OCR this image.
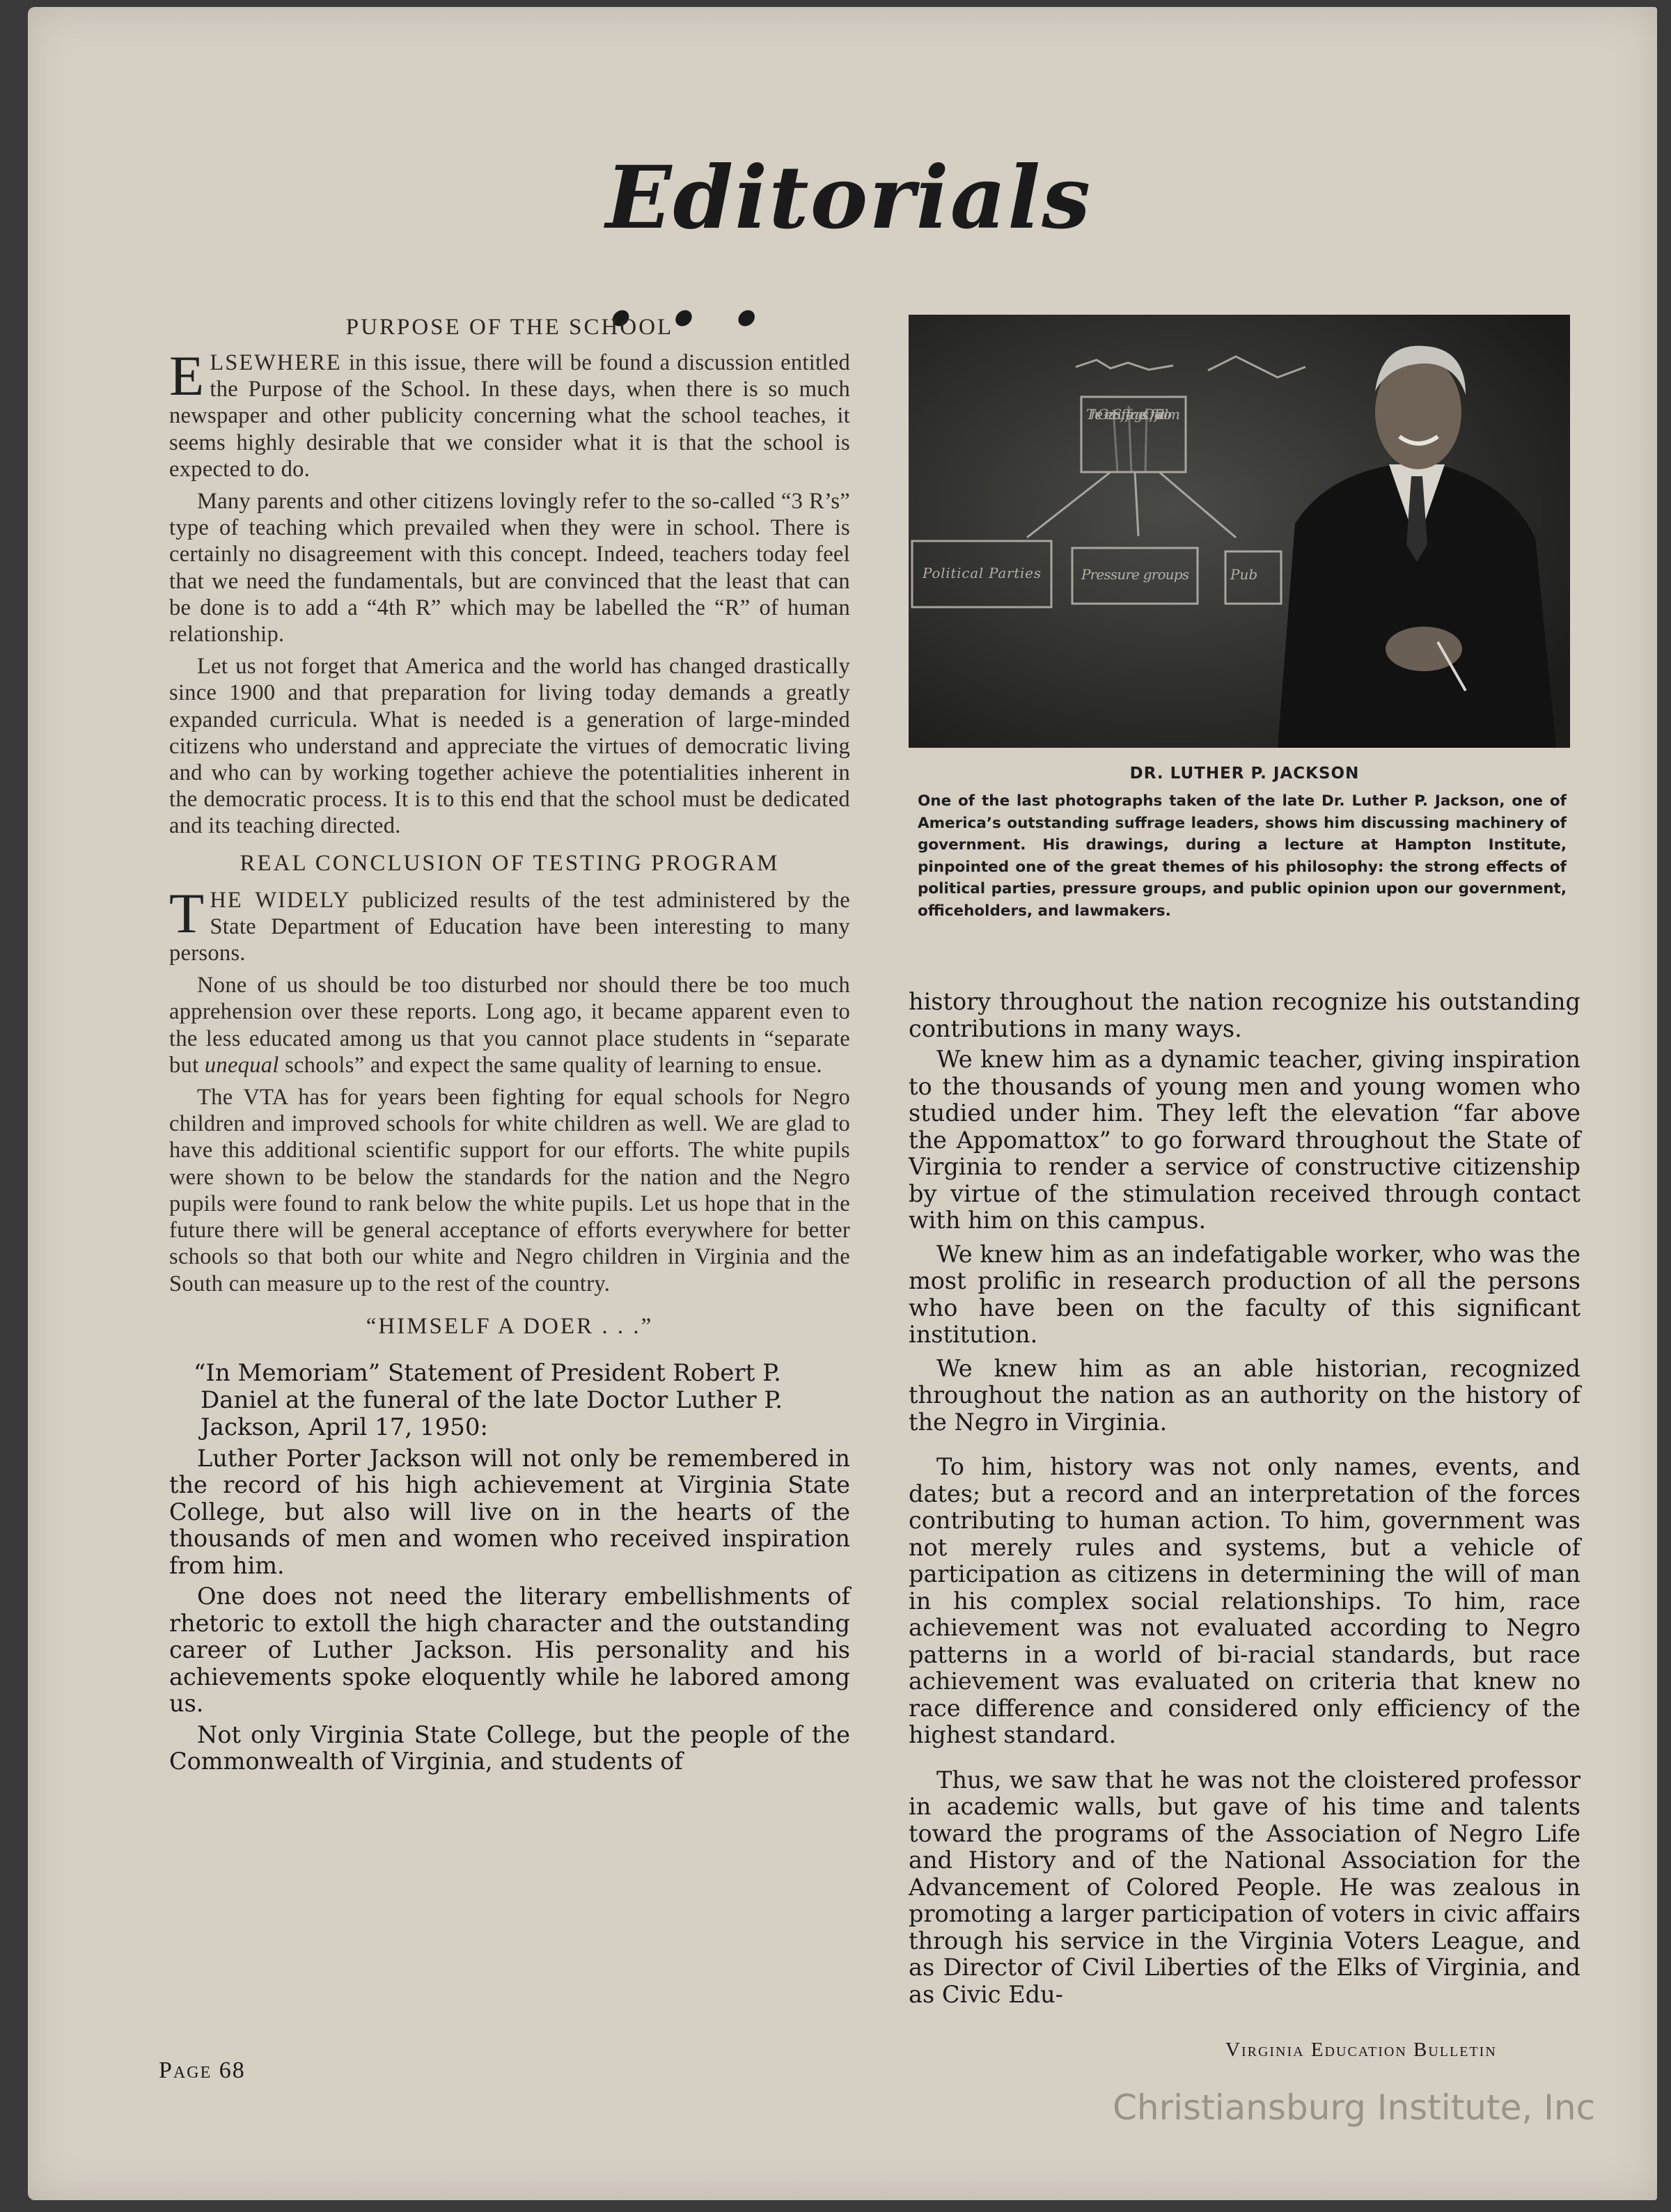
Editorials . . .
PURPOSE OF THE SCHOOL

ELSEWHERE in this issue, there will be found a discussion entitled the Purpose of the School. In these days, when there is so much newspaper and other publicity concerning what the school teaches, it seems highly desirable that we consider what it is that the school is expected to do.

Many parents and other citizens lovingly refer to the so-called “3 R’s” type of teaching which prevailed when they were in school. There is certainly no disagreement with this concept. Indeed, teachers today feel that we need the fundamentals, but are convinced that the least that can be done is to add a “4th R” which may be labelled the “R” of human relationship.

Let us not forget that America and the world has changed drastically since 1900 and that preparation for living today demands a greatly expanded curricula. What is needed is a generation of large-minded citizens who understand and appreciate the virtues of democratic living and who can by working together achieve the potentialities inherent in the democratic process. It is to this end that the school must be dedicated and its teaching directed.

REAL CONCLUSION OF TESTING PROGRAM

THE WIDELY publicized results of the test administered by the State Department of Education have been interesting to many persons.

None of us should be too disturbed nor should there be too much apprehension over these reports. Long ago, it became apparent even to the less educated among us that you cannot place students in “separate but unequal schools” and expect the same quality of learning to ensue.

The VTA has for years been fighting for equal schools for Negro children and improved schools for white children as well. We are glad to have this additional scientific support for our efforts. The white pupils were shown to be below the standards for the nation and the Negro pupils were found to rank below the white pupils. Let us hope that in the future there will be general acceptance of efforts everywhere for better schools so that both our white and Negro children in Virginia and the South can measure up to the rest of the country.

“HIMSELF A DOER . . .”

“In Memoriam” Statement of President Robert P. Daniel at the funeral of the late Doctor Luther P. Jackson, April 17, 1950:

Luther Porter Jackson will not only be remembered in the record of his high achievement at Virginia State College, but also will live on in the hearts of the thousands of men and women who received inspiration from him.

One does not need the literary embellishments of rhetoric to extoll the high character and the outstanding career of Luther Jackson. His personality and his achievements spoke eloquently while he labored among us.

Not only Virginia State College, but the people of the Commonwealth of Virginia, and students of

The Great Sufferages Officialdom
Political Parties	Pressure groups	Pub
DR. LUTHER P. JACKSON
One of the last photographs taken of the late Dr. Luther P. Jackson, one of America’s outstanding suffrage leaders, shows him discussing machinery of government. His drawings, during a lecture at Hampton Institute, pinpointed one of the great themes of his philosophy: the strong effects of political parties, pressure groups, and public opinion upon our government, officeholders, and lawmakers.

history throughout the nation recognize his outstanding contributions in many ways.

We knew him as a dynamic teacher, giving inspiration to the thousands of young men and young women who studied under him. They left the elevation “far above the Appomattox” to go forward throughout the State of Virginia to render a service of constructive citizenship by virtue of the stimulation received through contact with him on this campus.

We knew him as an indefatigable worker, who was the most prolific in research production of all the persons who have been on the faculty of this significant institution.

We knew him as an able historian, recognized throughout the nation as an authority on the history of the Negro in Virginia.

To him, history was not only names, events, and dates; but a record and an interpretation of the forces contributing to human action. To him, government was not merely rules and systems, but a vehicle of participation as citizens in determining the will of man in his complex social relationships. To him, race achievement was not evaluated according to Negro patterns in a world of bi-racial standards, but race achievement was evaluated on criteria that knew no race difference and considered only efficiency of the highest standard.

Thus, we saw that he was not the cloistered professor in academic walls, but gave of his time and talents toward the programs of the Association of Negro Life and History and of the National Association for the Advancement of Colored People. He was zealous in promoting a larger participation of voters in civic affairs through his service in the Virginia Voters League, and as Director of Civil Liberties of the Elks of Virginia, and as Civic Edu-

Page 68
Virginia Education Bulletin
Christiansburg Institute, Inc
